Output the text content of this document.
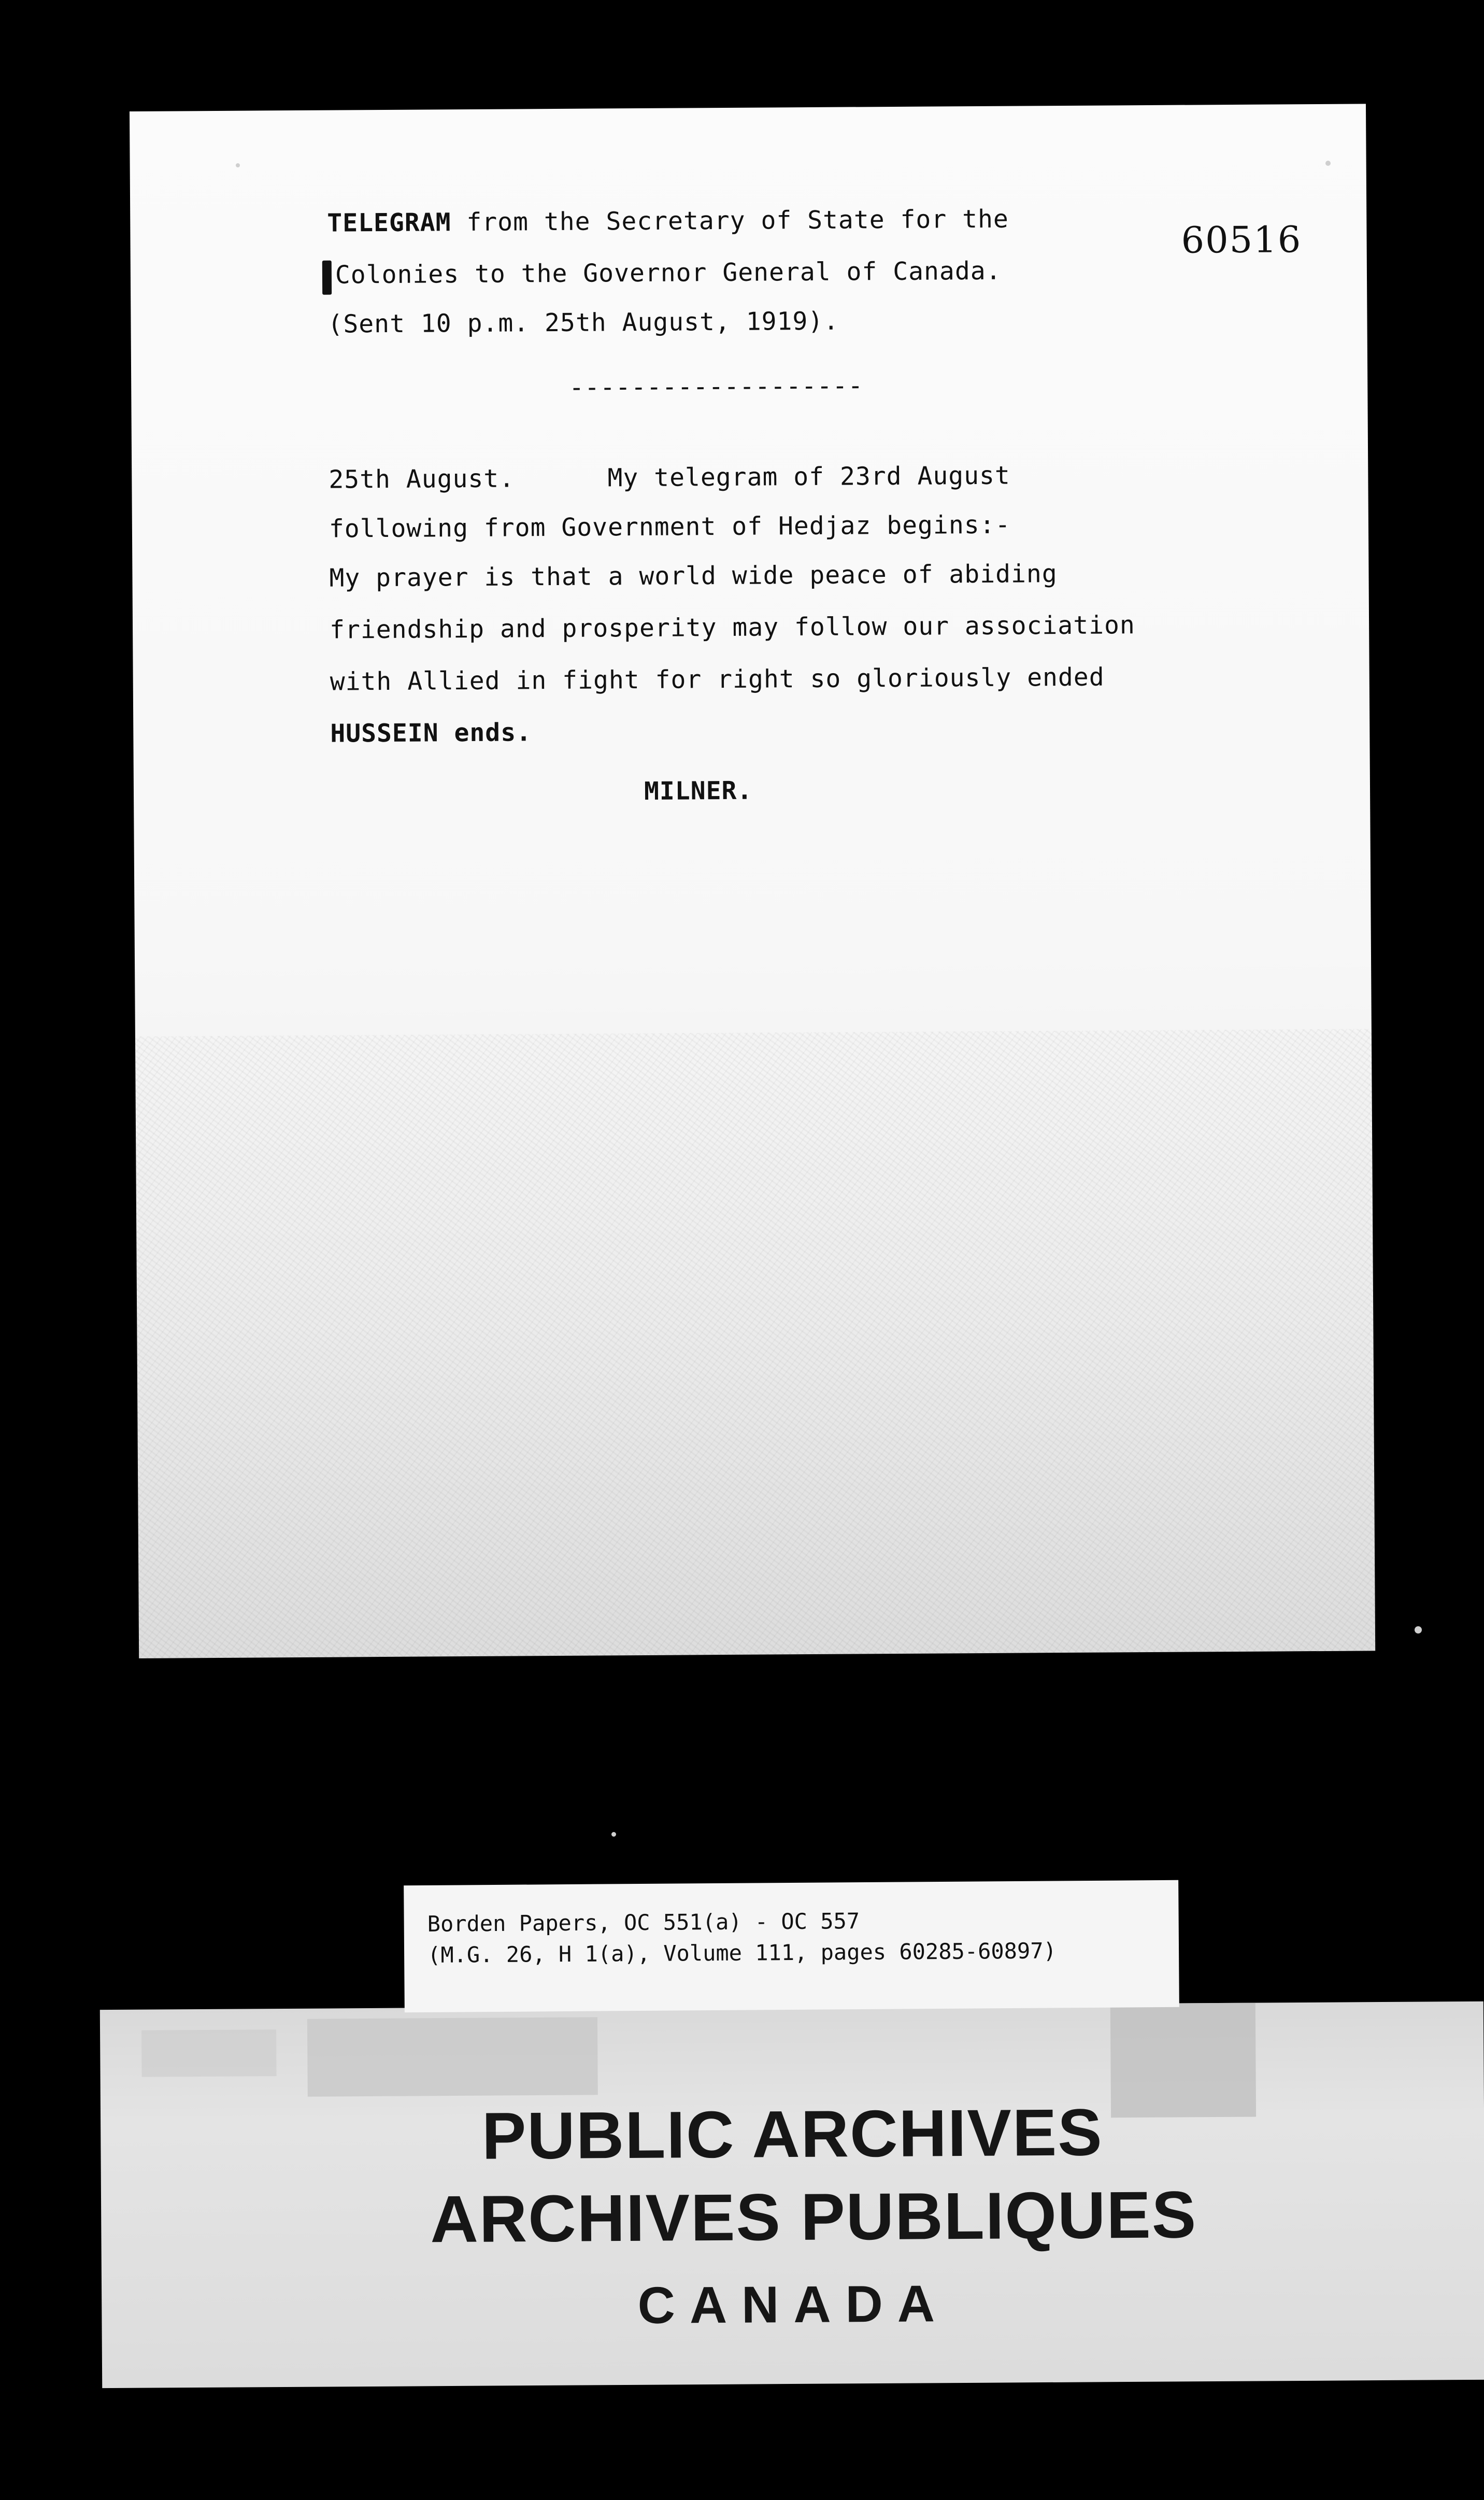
60516
TELEGRAM from the Secretary of State for the
Colonies to the Governor General of Canada.
(Sent 10 p.m. 25th August, 1919).
-------------------
25th August.      My telegram of 23rd August
following from Government of Hedjaz begins:-
My prayer is that a world wide peace of abiding
friendship and prosperity may follow our association
with Allied in fight for right so gloriously ended
HUSSEIN ends.
MILNER.
PUBLIC ARCHIVES
ARCHIVES PUBLIQUES
CANADA
Borden Papers, OC 551(a) - OC 557
(M.G. 26, H 1(a), Volume 111, pages 60285-60897)
